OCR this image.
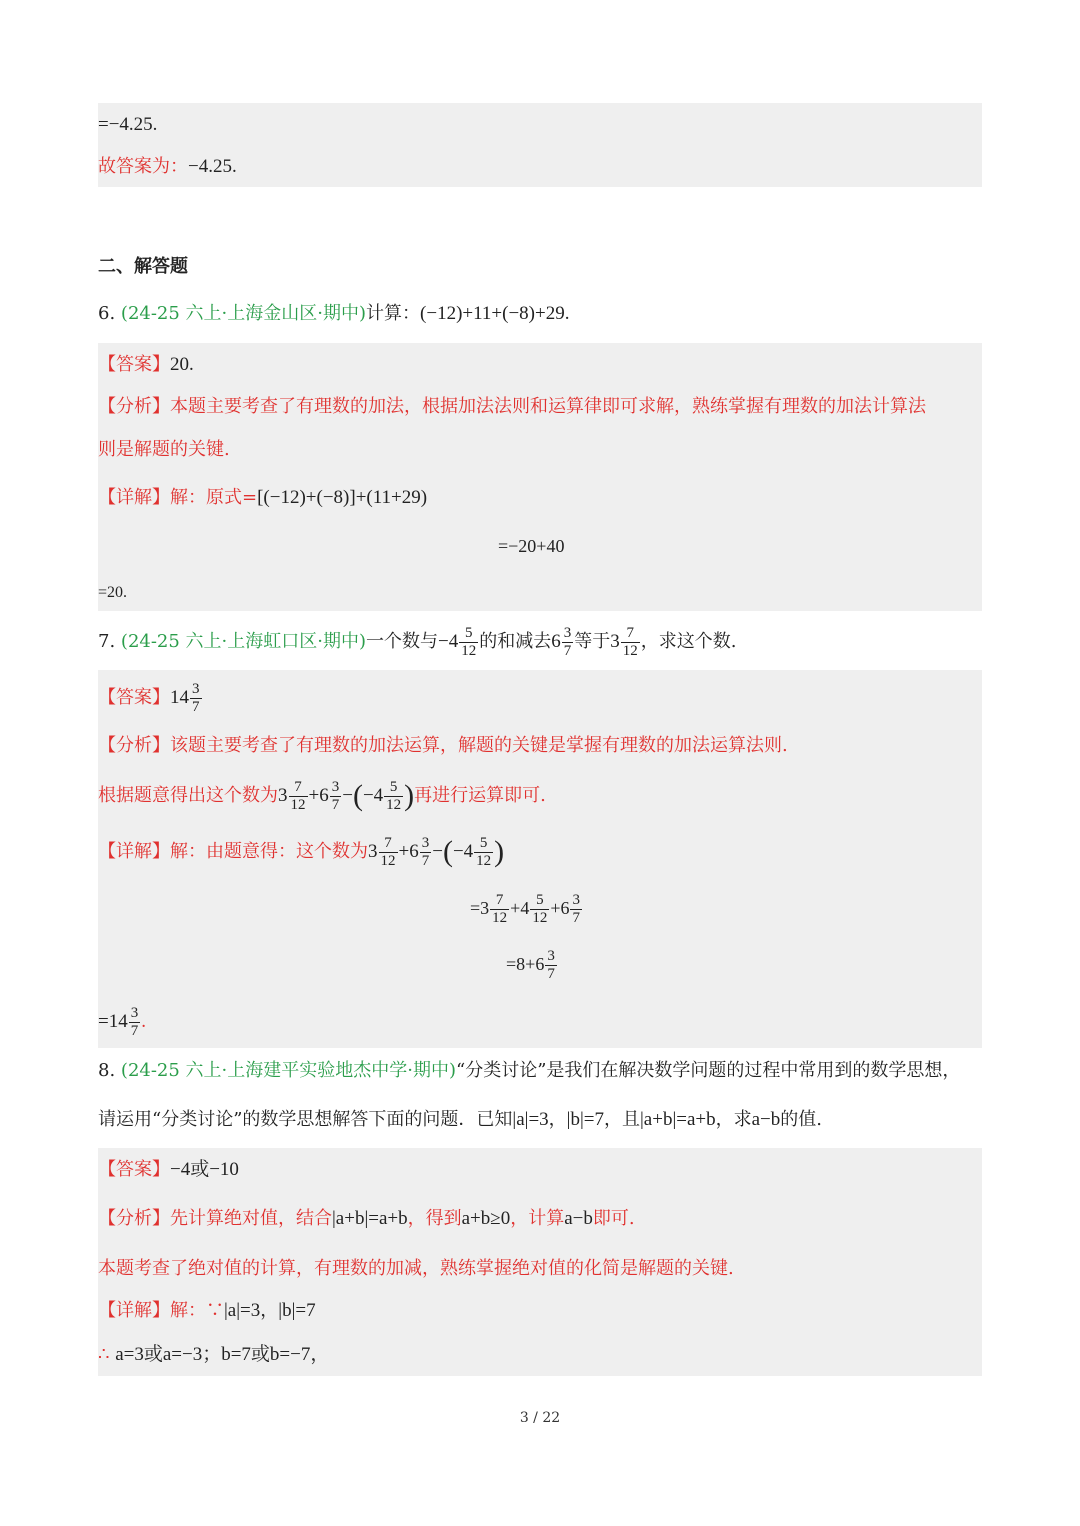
=−4.25.
故答案为：−4.25.
二、解答题
6. (24-25 六上·上海金山区·期中)计算：(−12)+11+(−8)+29.
【答案】20.
【分析】本题主要考查了有理数的加法，根据加法法则和运算律即可求解，熟练掌握有理数的加法计算法
则是解题的关键.
【详解】解：原式=[(−12)+(−8)]+(11+29)
=−20+40
=20.
7. (24-25 六上·上海虹口区·期中)一个数与$-4 \frac{5}{12}$ 的和减去$6 \frac{3}{7}$ 等于$3 \frac{7}{12}$ ，求这个数.
【答案】$14 \frac{3}{7}$
【分析】该题主要考查了有理数的加法运算，解题的关键是掌握有理数的加法运算法则.
根据题意得出这个数为$3 \frac{7}{12} +6 \frac{3}{7} -(-4 \frac{5}{12}$ )再进行运算即可.
【详解】解：由题意得：这个数为$3 \frac{7}{12} +6 \frac{3}{7} -(-4 \frac{5}{12}$ )
$=3 \frac{7}{12} +4 \frac{5}{12} +6 \frac{3}{7}$
$=8+6 \frac{3}{7}$
$=14 \frac{3}{7}$ .
8. (24-25 六上·上海建平实验地杰中学·期中)“分类讨论”是我们在解决数学问题的过程中常用到的数学思想，
请运用“分类讨论”的数学思想解答下面的问题．已知|a|=3，|b|=7，且|a+b|=a+b，求a−b的值.
【答案】−4或−10
【分析】先计算绝对值，结合|a+b|=a+b，得到a+b≥0，计算a−b即可.
本题考查了绝对值的计算，有理数的加减，熟练掌握绝对值的化简是解题的关键.
【详解】解：∵|a|=3，|b|=7
∴ a=3或a=−3；b=7或b=−7，
3 / 22
